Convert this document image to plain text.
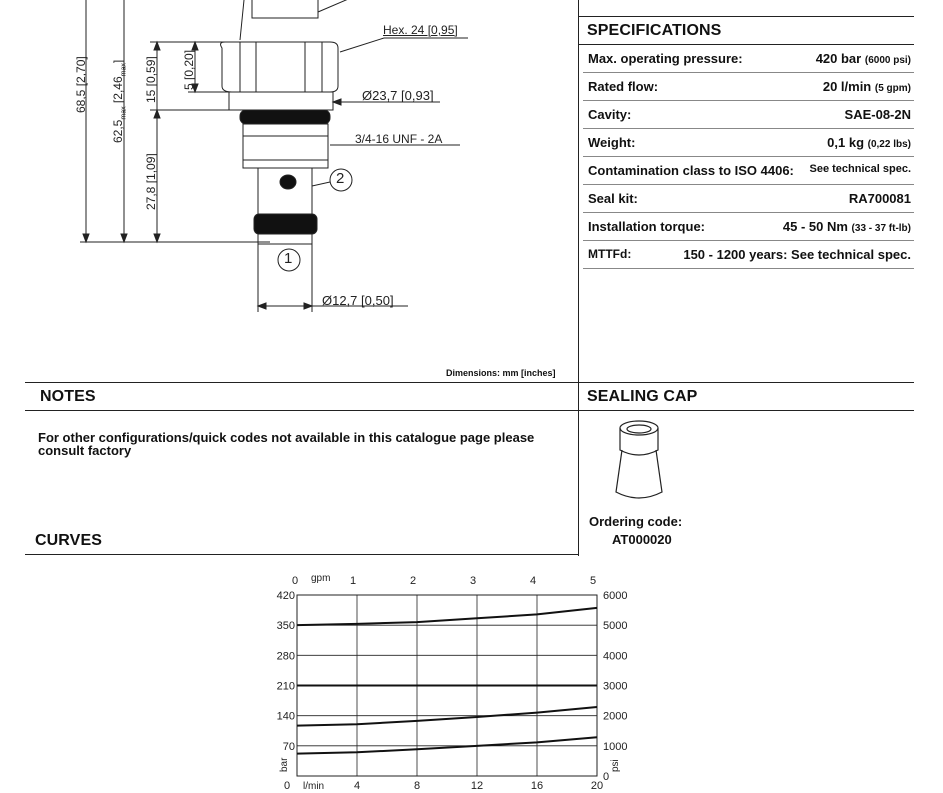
Hex. 24 [0,95]
Ø23,7 [0,93]
3/4-16 UNF - 2A
Ø12,7 [0,50]
1
2
68,5 [2,70]
$62,5_{max}$ $[2,46_{max}]$ 15 [0,59] 5 [0,20]
27,8 [1,09]
Dimensions: mm [inches]
SPECIFICATIONS
Max. operating pressure:	420 bar (6000 psi)
Rated flow:	20 l/min (5 gpm)
Cavity:	SAE-08-2N
Weight:	0,1 kg (0,22 lbs)
Contamination class to ISO 4406: See technical spec.
Seal kit:	RA700081
Installation torque:	45 - 50 Nm (33 - 37 ft-lb)
MTTFd:	150 - 1200 years: See technical spec.
NOTES	SEALING CAP
For other configurations/quick codes not available in this catalogue page please consult factory
Ordering code:
AT000020
CURVES
420
350
280
210
140
70
6000
5000
4000
3000
2000
1000
0
0	4	8	12	16	20
0	1	2	3	4	5
gpm
l/min
bar	psi
